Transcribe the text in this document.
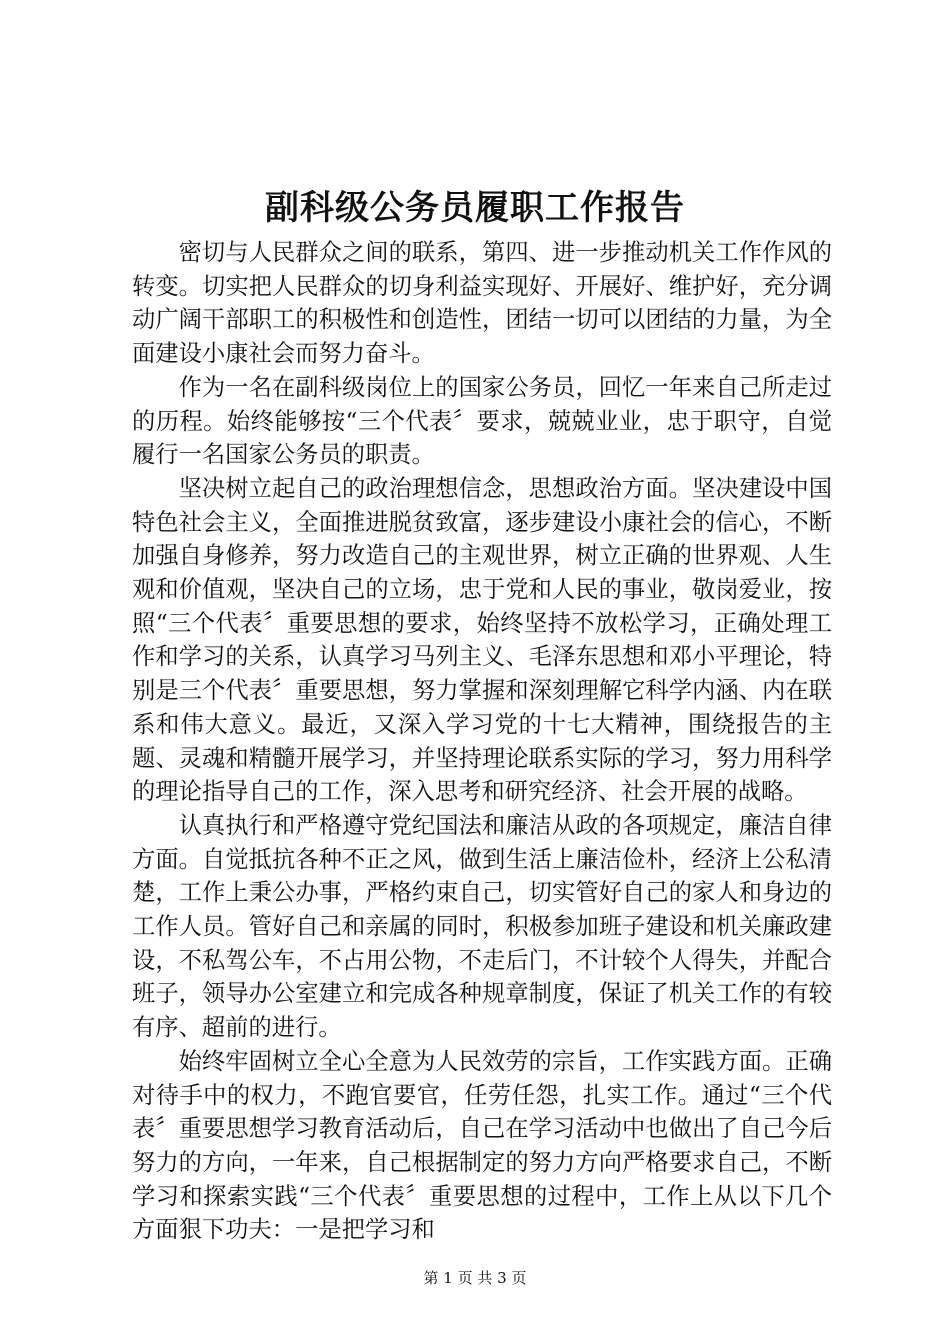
副科级公务员履职工作报告

密切与人民群众之间的联系，第四、进一步推动机关工作作风的转变。切实把人民群众的切身利益实现好、开展好、维护好，充分调动广阔干部职工的积极性和创造性，团结一切可以团结的力量，为全面建设小康社会而努力奋斗。

作为一名在副科级岗位上的国家公务员，回忆一年来自己所走过的历程。始终能够按“三个代表〞要求，兢兢业业，忠于职守，自觉履行一名国家公务员的职责。

坚决树立起自己的政治理想信念，思想政治方面。坚决建设中国特色社会主义，全面推进脱贫致富，逐步建设小康社会的信心，不断加强自身修养，努力改造自己的主观世界，树立正确的世界观、人生观和价值观，坚决自己的立场，忠于党和人民的事业，敬岗爱业，按照“三个代表〞重要思想的要求，始终坚持不放松学习，正确处理工作和学习的关系，认真学习马列主义、毛泽东思想和邓小平理论，特别是三个代表〞重要思想，努力掌握和深刻理解它科学内涵、内在联系和伟大意义。最近，又深入学习党的十七大精神，围绕报告的主题、灵魂和精髓开展学习，并坚持理论联系实际的学习，努力用科学的理论指导自己的工作，深入思考和研究经济、社会开展的战略。

认真执行和严格遵守党纪国法和廉洁从政的各项规定，廉洁自律方面。自觉抵抗各种不正之风，做到生活上廉洁俭朴，经济上公私清楚，工作上秉公办事，严格约束自己，切实管好自己的家人和身边的工作人员。管好自己和亲属的同时，积极参加班子建设和机关廉政建设，不私驾公车，不占用公物，不走后门，不计较个人得失，并配合班子，领导办公室建立和完成各种规章制度，保证了机关工作的有较有序、超前的进行。

始终牢固树立全心全意为人民效劳的宗旨，工作实践方面。正确对待手中的权力，不跑官要官，任劳任怨，扎实工作。通过“三个代表〞重要思想学习教育活动后，自己在学习活动中也做出了自己今后努力的方向，一年来，自己根据制定的努力方向严格要求自己，不断学习和探索实践“三个代表〞重要思想的过程中，工作上从以下几个方面狠下功夫：一是把学习和

第 1 页 共 3 页
